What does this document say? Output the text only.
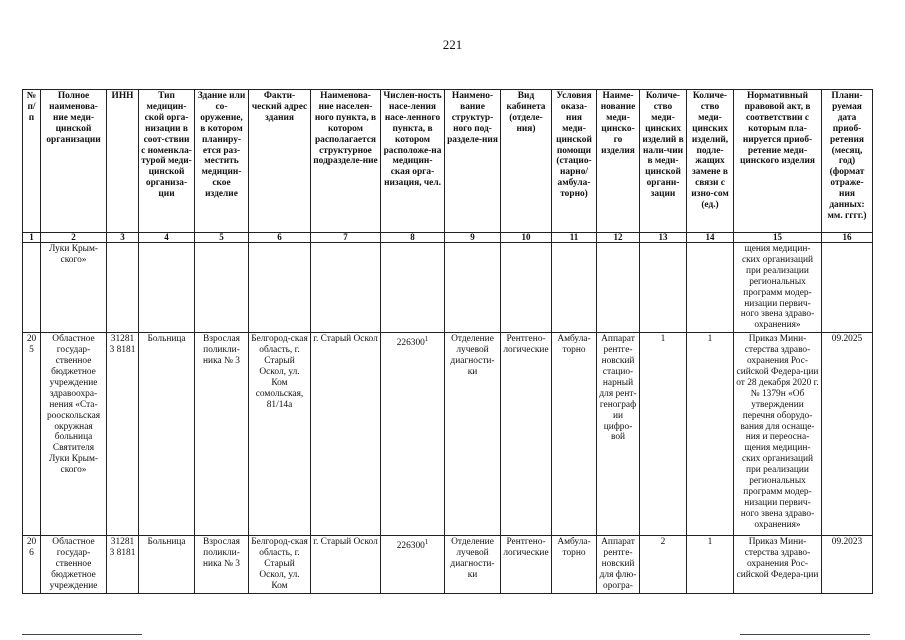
221
№ п/п	Полное наименова-ние меди-цинской организации	ИНН	Тип медицин-ской орга-низации в соот-ствии с номенкла-турой меди-цинской организа-ции	Здание или со-оружение, в котором планиру-ется раз-местить медицин-ское изделие	Факти-ческий адрес здания	Наименова-ние населен-ного пункта, в котором располагается структурное подразделе-ние	Числен-ность насе-ления насе-ленного пункта, в котором расположе-на медицин-ская орга-низация, чел.	Наимено-вание структур-ного под-разделе-ния	Вид кабинета (отделе-ния)	Условия оказа-ния меди-цинской помощи (стацио-нарно/ амбула-торно)	Наиме-нование меди-цинско-го изделия	Количе-ство меди-цинских изделий в нали-чии в меди-цинской органи-зации	Количе-ство меди-цинских изделий, подле-жащих замене в связи с изно-сом (ед.)	Нормативный правовой акт, в соответствии с которым пла-нируется приоб-ретение меди-цинского изделия	Плани-руемая дата приоб-ретения (месяц, год) (формат отраже-ния данных: мм. гггг.)
1	2	3	4	5	6	7	8	9	10	11	12	13	14	15	16
	Луки Крым-ского»													щения медицин-ских организаций при реализации региональных программ модер-низации первич-ного звена здраво-охранения»	
205	Областное государ-ственное бюджетное учреждение здравоохра-нения «Ста-рооскольская окружная больница Святителя Луки Крым-ского»	312813 8181	Больница	Взрослая поликли-ника № 3	Белгород-ская область, г. Старый Оскол, ул. Ком сомольская, 81/14а	г. Старый Оскол	226300$^1$	Отделение лучевой диагности-ки	Рентгено-логические	Амбула-торно	Аппарат рентге-новский стацио-нарный для рент-генографии цифро-вой	1	1	Приказ Мини-стерства здраво-охранения Рос-сийской Федера-ции от 28 декабря 2020 г. № 1379н «Об утверждении перечня оборудо-вания для оснаще-ния и переосна-щения медицин-ских организаций при реализации региональных программ модер-низации первич-ного звена здраво-охранения»	09.2025
206	Областное государ-ственное бюджетное учреждение	312813 8181	Больница	Взрослая поликли-ника № 3	Белгород-ская область, г. Старый Оскол, ул. Ком	г. Старый Оскол	226300$^1$	Отделение лучевой диагности-ки	Рентгено-логические	Амбула-торно	Аппарат рентге-новский для флю-орогра-	2	1	Приказ Мини-стерства здраво-охранения Рос-сийской Федера-ции	09.2023
